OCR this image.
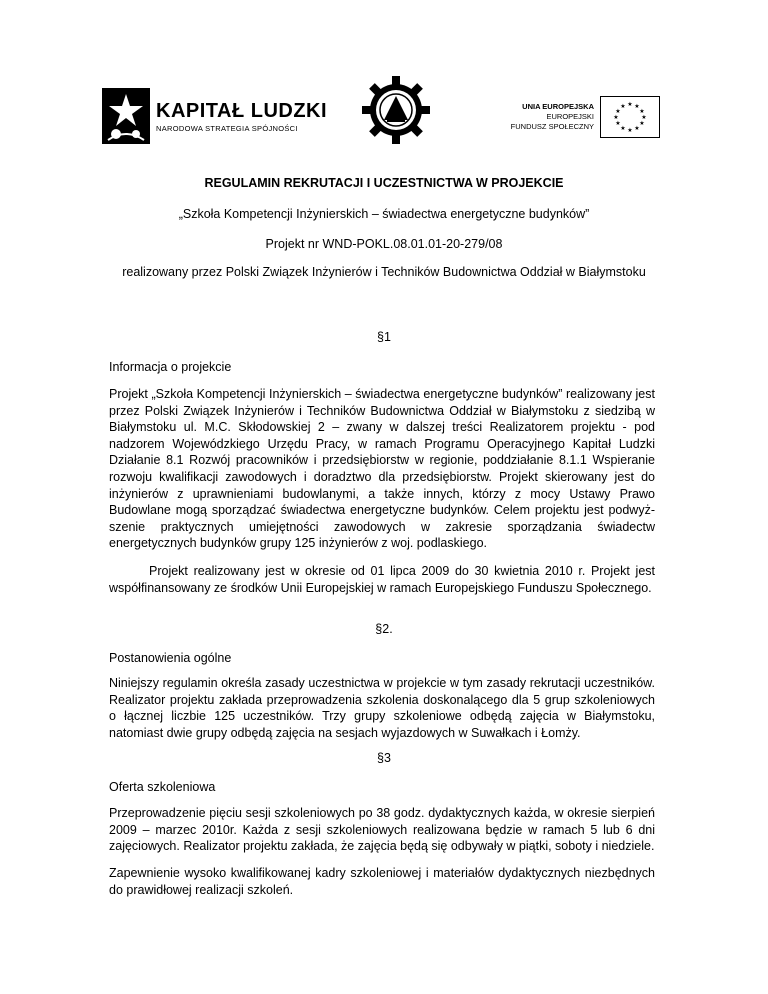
KAPITAŁ LUDZKI
NARODOWA STRATEGIA SPÓJNOŚCI
UNIA EUROPEJSKA
EUROPEJSKI
FUNDUSZ SPOŁECZNY
★ ★
★
★
★
★
★
★
★
★
★
★
REGULAMIN REKRUTACJI I UCZESTNICTWA W PROJEKCIE
„Szkoła Kompetencji Inżynierskich – świadectwa energetyczne budynków”
Projekt nr WND-POKL.08.01.01-20-279/08
realizowany przez Polski Związek Inżynierów i Techników Budownictwa Oddział w Białymstoku
§1
Informacja o projekcie

Projekt „Szkoła Kompetencji Inżynierskich – świadectwa energetyczne budynków” realizowany jest przez Polski Związek Inżynierów i Techników Budownictwa Oddział w Białymstoku z siedzibą w Białymstoku ul. M.C. Skłodowskiej 2 – zwany w dalszej treści Realizatorem projektu - pod nadzorem Wojewódzkiego Urzędu Pracy, w ramach Programu Operacyjnego Kapitał Ludzki Działanie 8.1 Rozwój pracowników i przedsiębiorstw w regionie, poddziałanie 8.1.1 Wspieranie rozwoju kwalifikacji zawodowych i doradztwo dla przedsiębiorstw. Projekt skierowany jest do inżynierów z uprawnieniami budowlanymi, a także innych, którzy z mocy Ustawy Prawo Budowlane mogą sporządzać świadectwa energetyczne budynków. Celem projektu jest podwyż-szenie praktycznych umiejętności zawodowych w zakresie sporządzania świadectw energetycznych budynków grupy 125 inżynierów z woj. podlaskiego.

Projekt realizowany jest w okresie od 01 lipca 2009 do 30 kwietnia 2010 r. Projekt jest współfinansowany ze środków Unii Europejskiej w ramach Europejskiego Funduszu Społecznego.

§2.
Postanowienia ogólne

Niniejszy regulamin określa zasady uczestnictwa w projekcie w tym zasady rekrutacji uczestników. Realizator projektu zakłada przeprowadzenia szkolenia doskonalącego dla 5 grup szkoleniowych o łącznej liczbie 125 uczestników. Trzy grupy szkoleniowe odbędą zajęcia w Białymstoku, natomiast dwie grupy odbędą zajęcia na sesjach wyjazdowych w Suwałkach i Łomży.

§3
Oferta szkoleniowa

Przeprowadzenie pięciu sesji szkoleniowych po 38 godz. dydaktycznych każda, w okresie sierpień 2009 – marzec 2010r. Każda z sesji szkoleniowych realizowana będzie w ramach 5 lub 6 dni zajęciowych. Realizator projektu zakłada, że zajęcia będą się odbywały w piątki, soboty i niedziele.

Zapewnienie wysoko kwalifikowanej kadry szkoleniowej i materiałów dydaktycznych niezbędnych do prawidłowej realizacji szkoleń.
